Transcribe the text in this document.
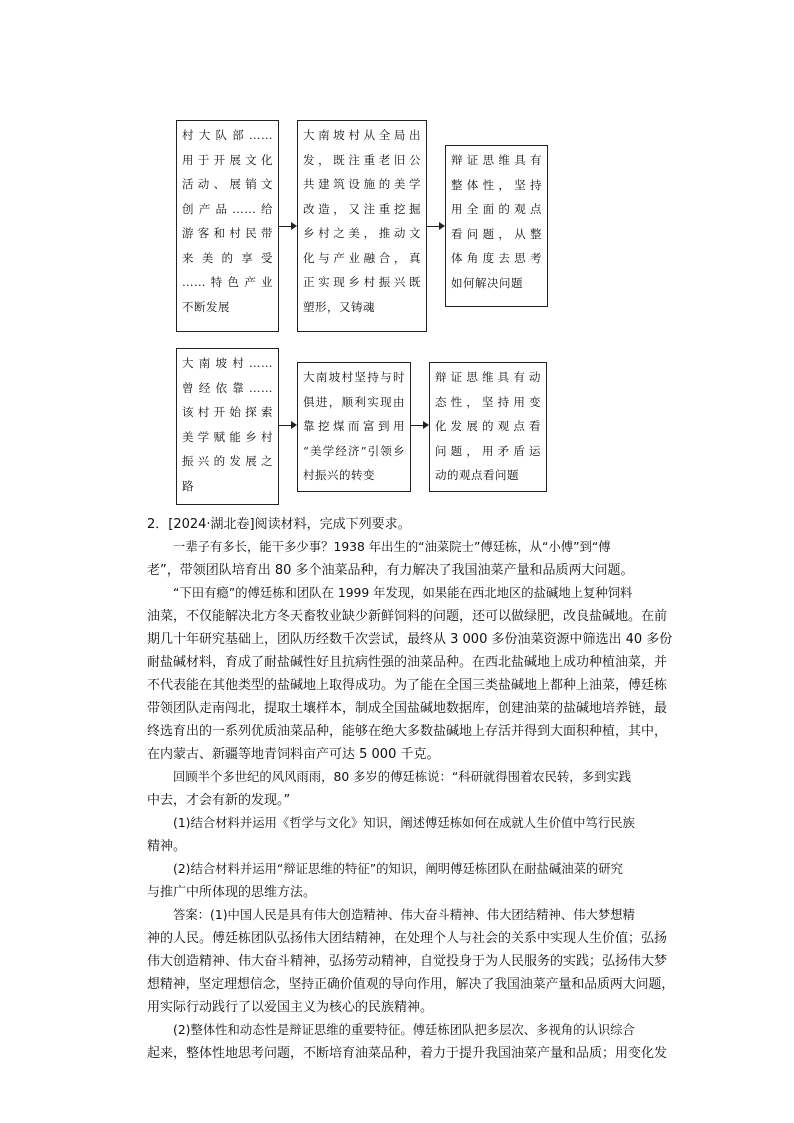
村大队部……
用于开展文化
活动、展销文
创产品……给
游客和村民带
来美的享受
……特色产业
不断发展
大南坡村从全局出
发，既注重老旧公
共建筑设施的美学
改造，又注重挖掘
乡村之美，推动文
化与产业融合，真
正实现乡村振兴既
塑形，又铸魂
辩证思维具有
整体性，坚持
用全面的观点
看问题，从整
体角度去思考
如何解决问题
大南坡村……
曾经依靠……
该村开始探索
美学赋能乡村
振兴的发展之
路
大南坡村坚持与时
俱进，顺利实现由
靠挖煤而富到用
“美学经济”引领乡
村振兴的转变
辩证思维具有动
态性，坚持用变
化发展的观点看
问题，用矛盾运
动的观点看问题
2．[2024·湖北卷]阅读材料，完成下列要求。
一辈子有多长，能干多少事？1938 年出生的“油菜院士”傅廷栋，从“小傅”到“傅
老”，带领团队培育出 80 多个油菜品种，有力解决了我国油菜产量和品质两大问题。
“下田有瘾”的傅廷栋和团队在 1999 年发现，如果能在西北地区的盐碱地上复种饲料
油菜，不仅能解决北方冬天畜牧业缺少新鲜饲料的问题，还可以做绿肥，改良盐碱地。在前
期几十年研究基础上，团队历经数千次尝试，最终从 3 000 多份油菜资源中筛选出 40 多份
耐盐碱材料，育成了耐盐碱性好且抗病性强的油菜品种。在西北盐碱地上成功种植油菜，并
不代表能在其他类型的盐碱地上取得成功。为了能在全国三类盐碱地上都种上油菜，傅廷栋
带领团队走南闯北，提取土壤样本，制成全国盐碱地数据库，创建油菜的盐碱地培养链，最
终选育出的一系列优质油菜品种，能够在绝大多数盐碱地上存活并得到大面积种植，其中，
在内蒙古、新疆等地青饲料亩产可达 5 000 千克。
回顾半个多世纪的风风雨雨，80 多岁的傅廷栋说：“科研就得围着农民转，多到实践
中去，才会有新的发现。”
(1)结合材料并运用《哲学与文化》知识，阐述傅廷栋如何在成就人生价值中笃行民族
精神。
(2)结合材料并运用“辩证思维的特征”的知识，阐明傅廷栋团队在耐盐碱油菜的研究
与推广中所体现的思维方法。
答案：(1)中国人民是具有伟大创造精神、伟大奋斗精神、伟大团结精神、伟大梦想精
神的人民。傅廷栋团队弘扬伟大团结精神，在处理个人与社会的关系中实现人生价值；弘扬
伟大创造精神、伟大奋斗精神，弘扬劳动精神，自觉投身于为人民服务的实践；弘扬伟大梦
想精神，坚定理想信念，坚持正确价值观的导向作用，解决了我国油菜产量和品质两大问题，
用实际行动践行了以爱国主义为核心的民族精神。
(2)整体性和动态性是辩证思维的重要特征。傅廷栋团队把多层次、多视角的认识综合
起来，整体性地思考问题，不断培育油菜品种，着力于提升我国油菜产量和品质；用变化发
